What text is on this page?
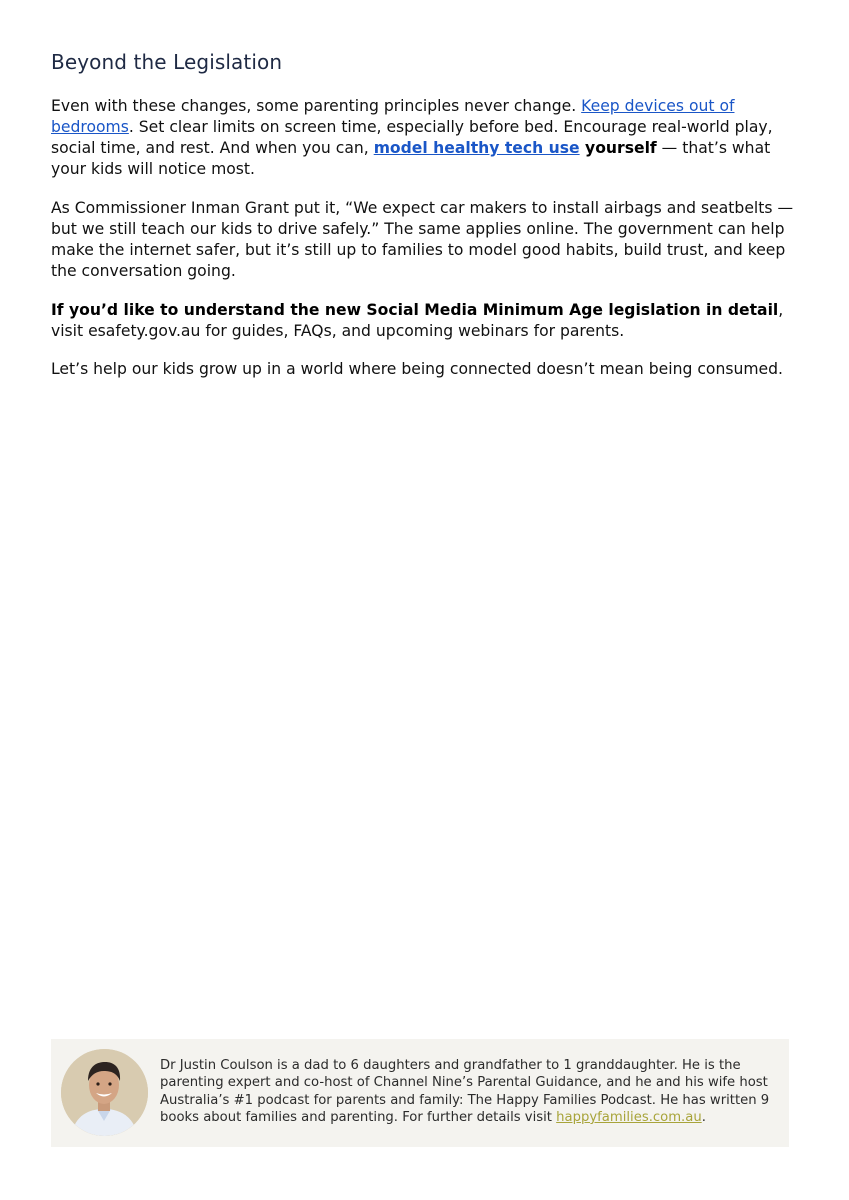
Beyond the Legislation

Even with these changes, some parenting principles never change. Keep devices out of bedrooms. Set clear limits on screen time, especially before bed. Encourage real-world play, social time, and rest. And when you can, model healthy tech use yourself — that’s what your kids will notice most.

As Commissioner Inman Grant put it, “We expect car makers to install airbags and seatbelts — but we still teach our kids to drive safely.” The same applies online. The government can help make the internet safer, but it’s still up to families to model good habits, build trust, and keep the conversation going.

If you’d like to understand the new Social Media Minimum Age legislation in detail, visit esafety.gov.au for guides, FAQs, and upcoming webinars for parents.

Let’s help our kids grow up in a world where being connected doesn’t mean being consumed.

Dr Justin Coulson is a dad to 6 daughters and grandfather to 1 granddaughter. He is the parenting expert and co-host of Channel Nine’s Parental Guidance, and he and his wife host Australia’s #1 podcast for parents and family: The Happy Families Podcast. He has written 9 books about families and parenting. For further details visit happyfamilies.com.au.
